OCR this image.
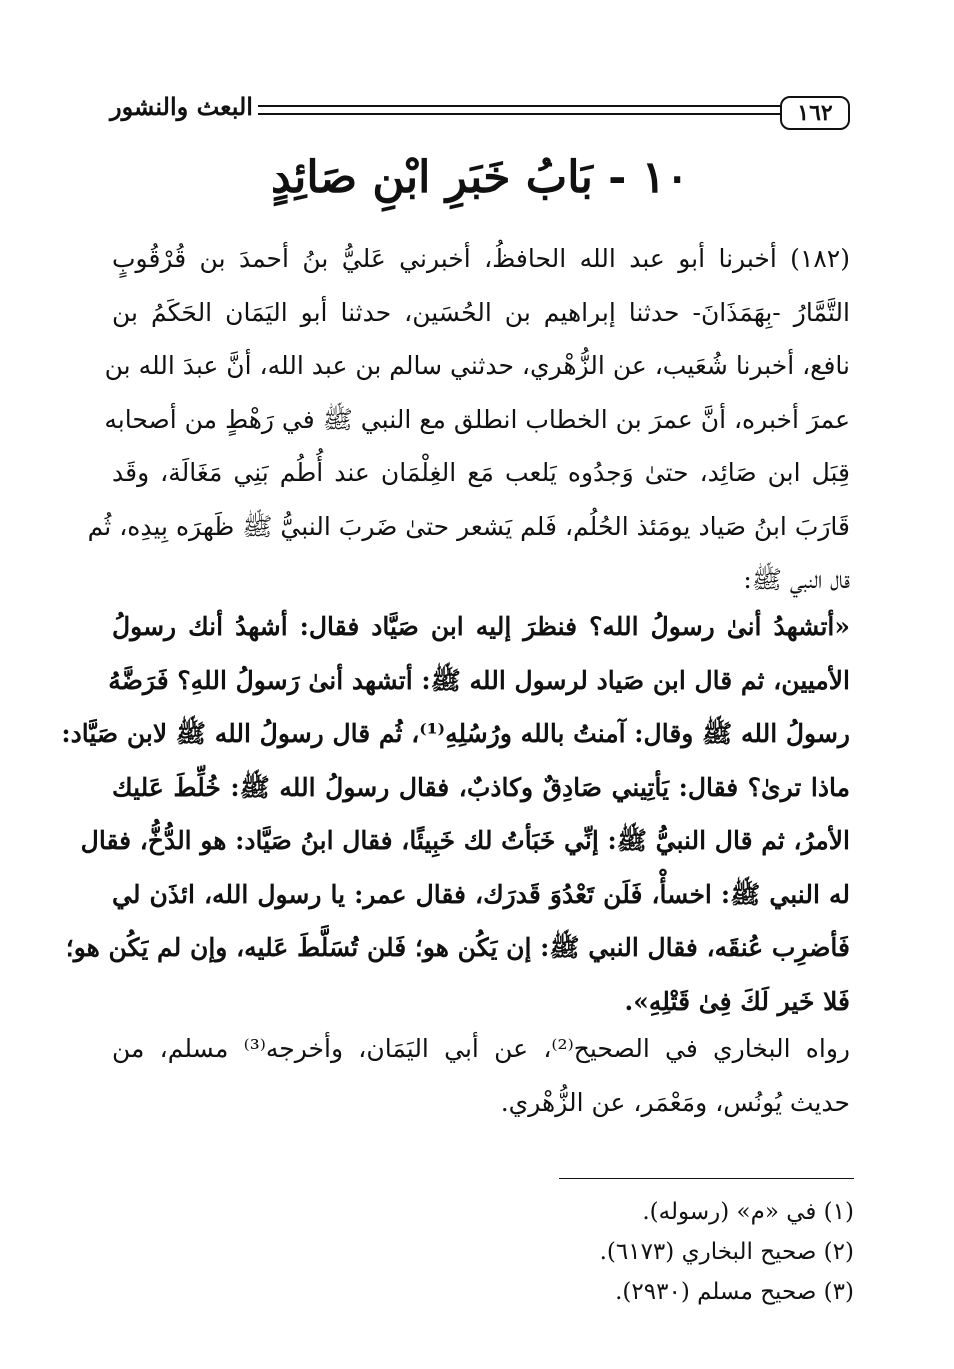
١٦٢
البعث والنشور
١٠ - بَابُ خَبَرِ ابْنِ صَائِدٍ
(١٨٢) أخبرنا أبو عبد الله الحافظُ، أخبرني عَليُّ بنُ أحمدَ بن قُرْقُوبٍ
التَّمَّارُ -بِهَمَذَانَ- حدثنا إبراهيم بن الحُسَين، حدثنا أبو اليَمَان الحَكَمُ بن
نافع، أخبرنا شُعَيب، عن الزُّهْري، حدثني سالم بن عبد الله، أنَّ عبدَ الله بن
عمرَ أخبره، أنَّ عمرَ بن الخطاب انطلق مع النبي ﷺ في رَهْطٍ من أصحابه
قِبَل ابن صَائِد، حتىٰ وَجدُوه يَلعب مَع الغِلْمَان عند أُطُم بَنِي مَغَالَة، وقَد
قَارَبَ ابنُ صَياد يومَئذ الحُلُم، فَلم يَشعر حتىٰ ضَربَ النبيُّ ﷺ ظَهرَه بِيدِه، ثُم
قال النبي ﷺ:
«أتشهدُ أنىٰ رسولُ الله؟ فنظرَ إليه ابن صَيَّاد فقال: أشهدُ أنك رسولُ
الأميين، ثم قال ابن صَياد لرسول الله ﷺ: أتشهد أنىٰ رَسولُ اللهِ؟ فَرَضَّهُ
رسولُ الله ﷺ وقال: آمنتُ بالله ورُسُلِهِ⁽¹⁾، ثُم قال رسولُ الله ﷺ لابن صَيَّاد:
ماذا ترىٰ؟ فقال: يَأتِيني صَادِقٌ وكاذبٌ، فقال رسولُ الله ﷺ: خُلِّطَ عَليك
الأمرُ، ثم قال النبيُّ ﷺ: إنِّي خَبَأتُ لك خَبِيئًا، فقال ابنُ صَيَّاد: هو الدُّخُّ، فقال
له النبي ﷺ: اخسأْ، فَلَن تَعْدُوَ قَدرَك، فقال عمر: يا رسول الله، ائذَن لي
فَأضرِب عُنقَه، فقال النبي ﷺ: إن يَكُن هو؛ فَلن تُسَلَّطَ عَليه، وإن لم يَكُن هو؛
فَلا خَير لَكَ فِىٰ قَتْلِهِ».
رواه البخاري في الصحيح⁽²⁾، عن أبي اليَمَان، وأخرجه⁽³⁾ مسلم، من
حديث يُونُس، ومَعْمَر، عن الزُّهْري.
(١) في «م» (رسوله).
(٢) صحيح البخاري (٦١٧٣).
(٣) صحيح مسلم (٢٩٣٠).
